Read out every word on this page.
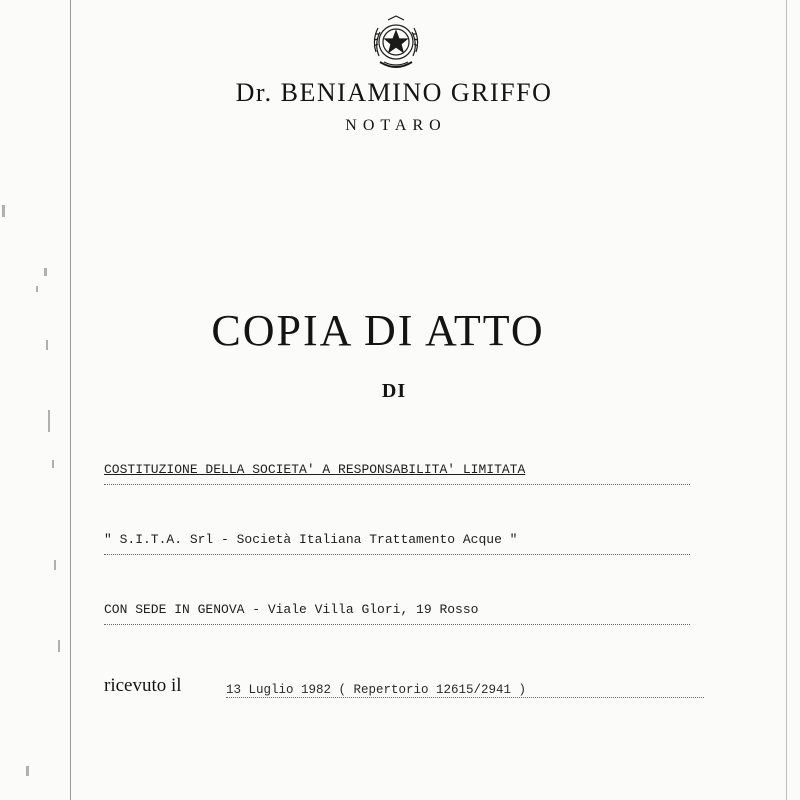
Dr. BENIAMINO GRIFFO
NOTARO
COPIA DI ATTO
DI
COSTITUZIONE DELLA SOCIETA' A RESPONSABILITA' LIMITATA
" S.I.T.A. Srl - Società Italiana Trattamento Acque "
CON SEDE IN GENOVA - Viale Villa Glori, 19 Rosso
ricevuto il	13 Luglio 1982 ( Repertorio 12615/2941 )
